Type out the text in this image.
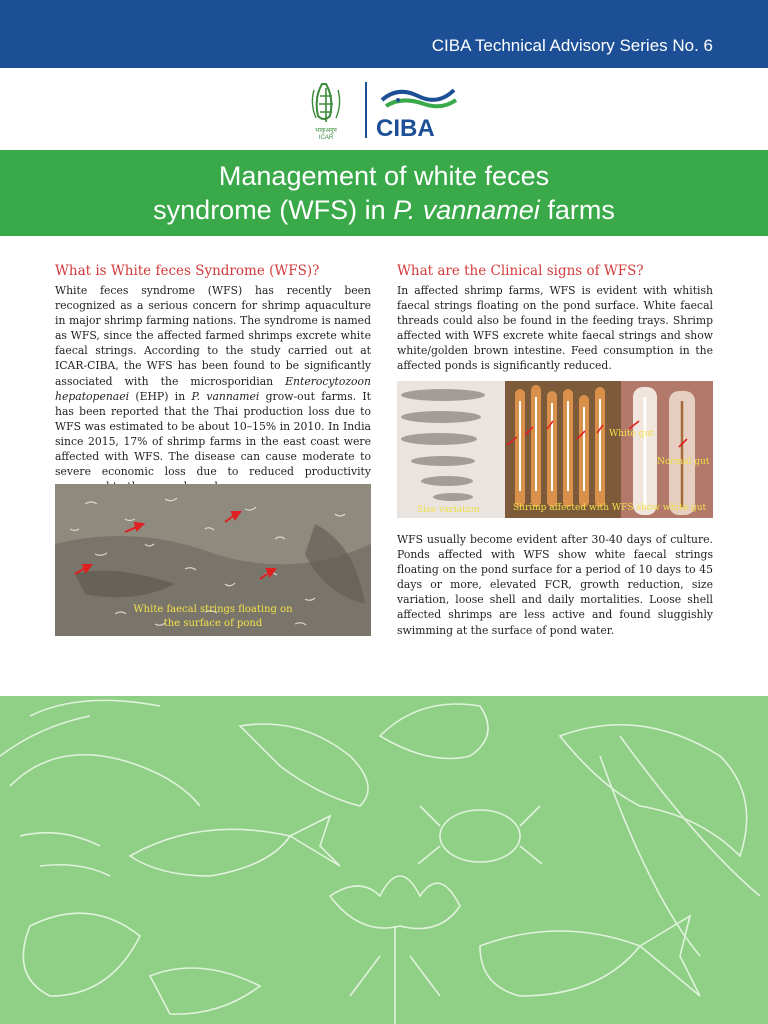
CIBA Technical Advisory Series No. 6
भाकृअनुप
ICAR CIBA
Management of white feces
syndrome (WFS) in P. vannamei farms
What is White feces Syndrome (WFS)?
White feces syndrome (WFS) has recently been recognized as a serious concern for shrimp aquaculture in major shrimp farming nations. The syndrome is named as WFS, since the affected farmed shrimps excrete white faecal strings. According to the study carried out at ICAR-CIBA, the WFS has been found to be significantly associated with the microsporidian Enterocytozoon hepatopenaei (EHP) in P. vannamei grow-out farms. It has been reported that the Thai production loss due to WFS was estimated to be about 10–15% in 2010. In India since 2015, 17% of shrimp farms in the east coast were affected with WFS. The disease can cause moderate to severe economic loss due to reduced productivity
White faecal strings floating on
the surface of pond
What are the Clinical signs of WFS?
In affected shrimp farms, WFS is evident with whitish faecal strings floating on the pond surface. White faecal threads could also be found in the feeding trays. Shrimp affected with WFS excrete white faecal strings and show white/golden brown intestine. Feed consumption in the affected ponds is significantly reduced.
Size variation	Shrimp affected with WFS show white gut
White gut
Normal gut
WFS usually become evident after 30-40 days of culture. Ponds affected with WFS show white faecal strings floating on the pond surface for a period of 10 days to 45 days or more, elevated FCR, growth reduction, size variation, loose shell and daily mortalities. Loose shell affected shrimps are less active and found sluggishly swimming at the surface of pond water.
